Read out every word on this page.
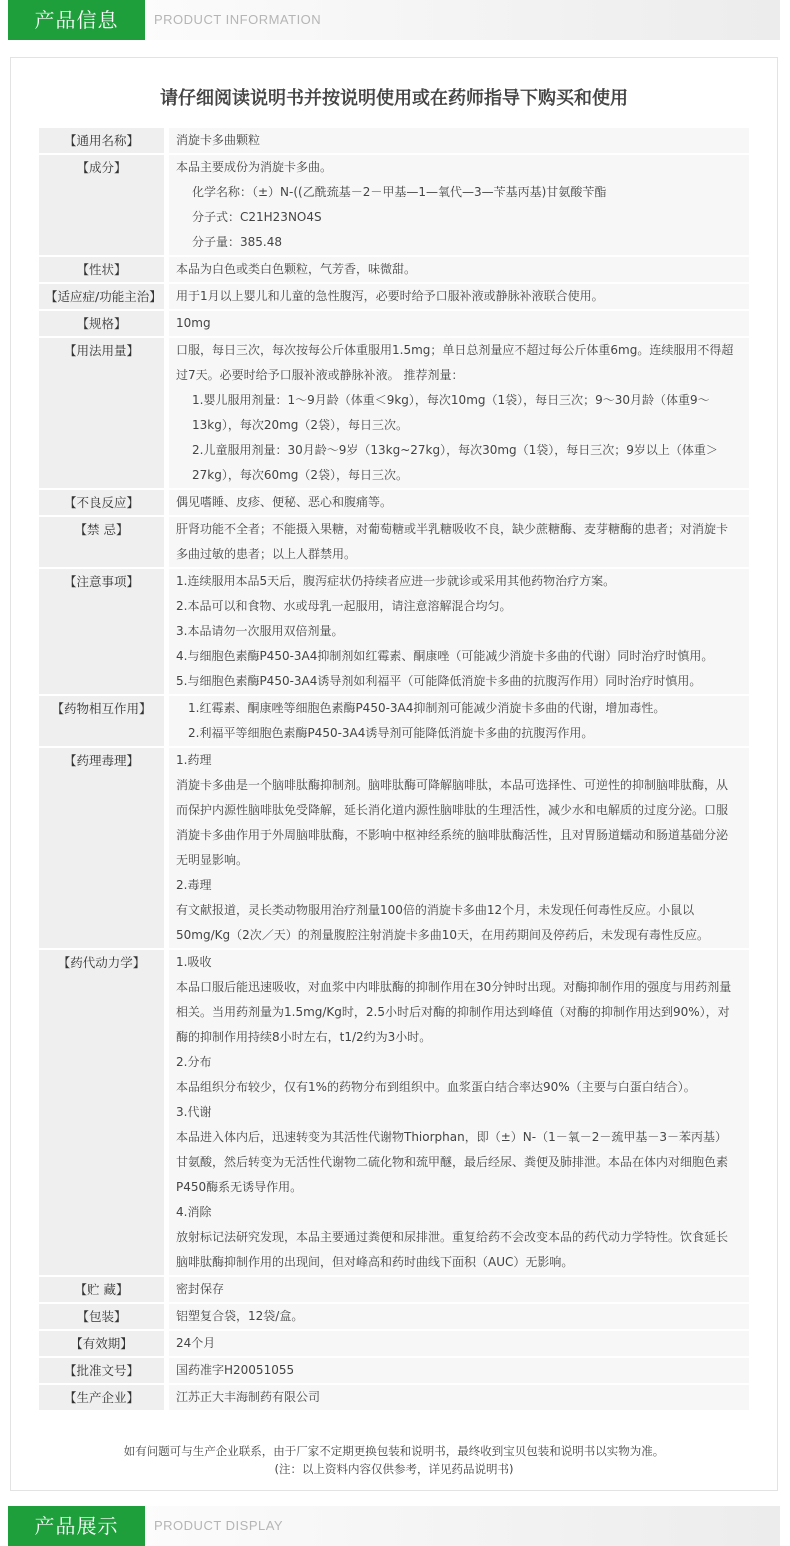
产品信息	PRODUCT INFORMATION
请仔细阅读说明书并按说明使用或在药师指导下购买和使用
【通用名称】	消旋卡多曲颗粒

【成分】	本品主要成份为消旋卡多曲。

化学名称：（±）N-((乙酰巯基－2－甲基—1—氧代—3—苄基丙基)甘氨酸苄酯

分子式：C21H23NO4S

分子量：385.48

【性状】	本品为白色或类白色颗粒，气芳香，味微甜。

【适应症/功能主治】 用于1月以上婴儿和儿童的急性腹泻，必要时给予口服补液或静脉补液联合使用。

【规格】	10mg

【用法用量】	口服，每日三次，每次按每公斤体重服用1.5mg；单日总剂量应不超过每公斤体重6mg。连续服用不得超过7天。必要时给予口服补液或静脉补液。 推荐剂量：

1.婴儿服用剂量：1～9月龄（体重＜9kg），每次10mg（1袋），每日三次；9～30月龄（体重9～13kg），每次20mg（2袋），每日三次。

2.儿童服用剂量：30月龄～9岁（13kg~27kg），每次30mg（1袋），每日三次；9岁以上（体重＞27kg），每次60mg（2袋），每日三次。

【不良反应】	偶见嗜睡、皮疹、便秘、恶心和腹痛等。

【禁 忌】	肝肾功能不全者；不能摄入果糖，对葡萄糖或半乳糖吸收不良，缺少蔗糖酶、麦芽糖酶的患者；对消旋卡多曲过敏的患者；以上人群禁用。

【注意事项】	1.连续服用本品5天后，腹泻症状仍持续者应进一步就诊或采用其他药物治疗方案。

2.本品可以和食物、水或母乳一起服用，请注意溶解混合均匀。

3.本品请勿一次服用双倍剂量。

4.与细胞色素酶P450-3A4抑制剂如红霉素、酮康唑（可能减少消旋卡多曲的代谢）同时治疗时慎用。

5.与细胞色素酶P450-3A4诱导剂如利福平（可能降低消旋卡多曲的抗腹泻作用）同时治疗时慎用。

【药物相互作用】	1.红霉素、酮康唑等细胞色素酶P450-3A4抑制剂可能减少消旋卡多曲的代谢，增加毒性。

2.利福平等细胞色素酶P450-3A4诱导剂可能降低消旋卡多曲的抗腹泻作用。

【药理毒理】	1.药理

消旋卡多曲是一个脑啡肽酶抑制剂。脑啡肽酶可降解脑啡肽，本品可选择性、可逆性的抑制脑啡肽酶，从而保护内源性脑啡肽免受降解，延长消化道内源性脑啡肽的生理活性，减少水和电解质的过度分泌。口服消旋卡多曲作用于外周脑啡肽酶，不影响中枢神经系统的脑啡肽酶活性，且对胃肠道蠕动和肠道基础分泌无明显影响。

2.毒理

有文献报道，灵长类动物服用治疗剂量100倍的消旋卡多曲12个月，未发现任何毒性反应。小鼠以50mg/Kg（2次／天）的剂量腹腔注射消旋卡多曲10天，在用药期间及停药后，未发现有毒性反应。

【药代动力学】	1.吸收

本品口服后能迅速吸收，对血浆中内啡肽酶的抑制作用在30分钟时出现。对酶抑制作用的强度与用药剂量相关。当用药剂量为1.5mg/Kg时，2.5小时后对酶的抑制作用达到峰值（对酶的抑制作用达到90%），对酶的抑制作用持续8小时左右，t1/2约为3小时。

2.分布

本品组织分布较少，仅有1%的药物分布到组织中。血浆蛋白结合率达90%（主要与白蛋白结合）。

3.代谢

本品进入体内后，迅速转变为其活性代谢物Thiorphan，即（±）N-（1－氧－2－巯甲基－3－苯丙基）甘氨酸，然后转变为无活性代谢物二硫化物和巯甲醚，最后经尿、粪便及肺排泄。本品在体内对细胞色素P450酶系无诱导作用。

4.消除

放射标记法研究发现，本品主要通过粪便和尿排泄。重复给药不会改变本品的药代动力学特性。饮食延长脑啡肽酶抑制作用的出现间，但对峰高和药时曲线下面积（AUC）无影响。

【贮 藏】	密封保存

【包装】	铝塑复合袋，12袋/盒。

【有效期】	24个月

【批准文号】	国药准字H20051055

【生产企业】	江苏正大丰海制药有限公司

如有问题可与生产企业联系，由于厂家不定期更换包装和说明书，最终收到宝贝包装和说明书以实物为准。
(注：以上资料内容仅供参考，详见药品说明书)
产品展示	PRODUCT DISPLAY
